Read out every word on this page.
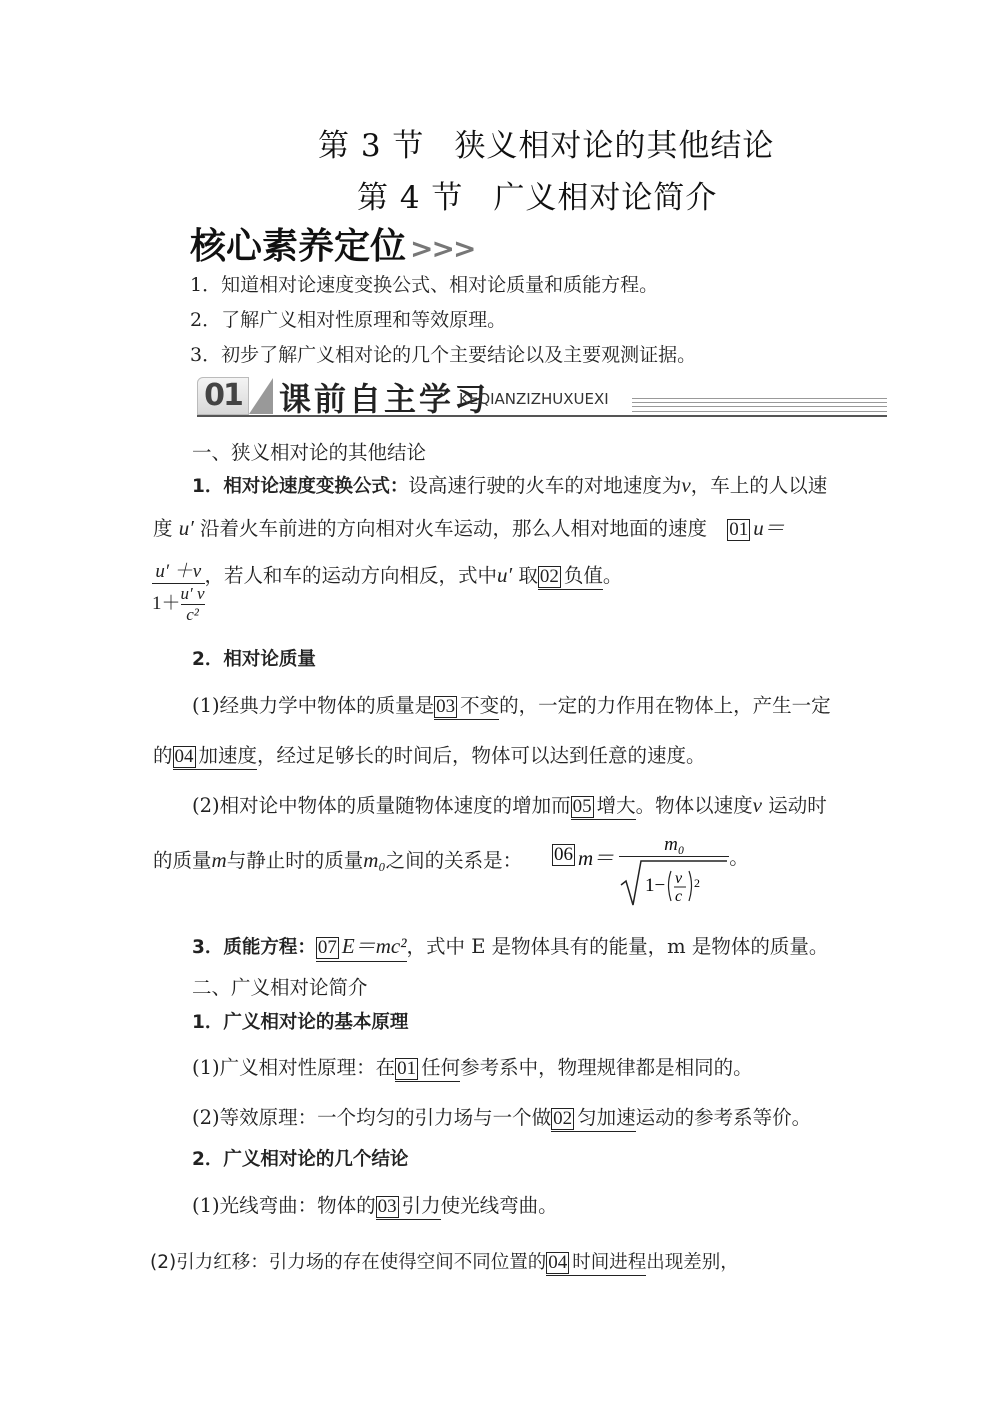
第 3 节 狭义相对论的其他结论
第 4 节 广义相对论简介
核心素养定位 >>>
1．知道相对论速度变换公式、相对论质量和质能方程。
2．了解广义相对性原理和等效原理。
3．初步了解广义相对论的几个主要结论以及主要观测证据。
01 课前自主学习
KEQIANZIZHUXUEXI
一、狭义相对论的其他结论
1．相对论速度变换公式：设高速行驶的火车的对地速度为v，车上的人以速
度 u′ 沿着火车前进的方向相对火车运动，那么人相对地面的速度 01 u＝
$\frac{u' +v}{1+ \frac{u' v}{\text{c²}}}$ ，若人和车的运动方向相反，式中u′ 取 02 负值。
2．相对论质量
(1)经典力学中物体的质量是 03 不变的，一定的力作用在物体上，产生一定
的 04 加速度，经过足够长的时间后，物体可以达到任意的速度。
(2)相对论中物体的质量随物体速度的增加而 05 增大。物体以速度v 运动时
的质量m与静止时的质量m₀之间的关系是： 06 m＝
m₀
1− v
c
2
。
3．质能方程： 07 E＝mc²，式中 E 是物体具有的能量，m 是物体的质量。
二、广义相对论简介
1．广义相对论的基本原理
(1)广义相对性原理：在 01 任何参考系中，物理规律都是相同的。
(2)等效原理：一个均匀的引力场与一个做 02 匀加速运动的参考系等价。
2．广义相对论的几个结论
(1)光线弯曲：物体的 03 引力使光线弯曲。
(2)引力红移：引力场的存在使得空间不同位置的 04 时间进程出现差别，
